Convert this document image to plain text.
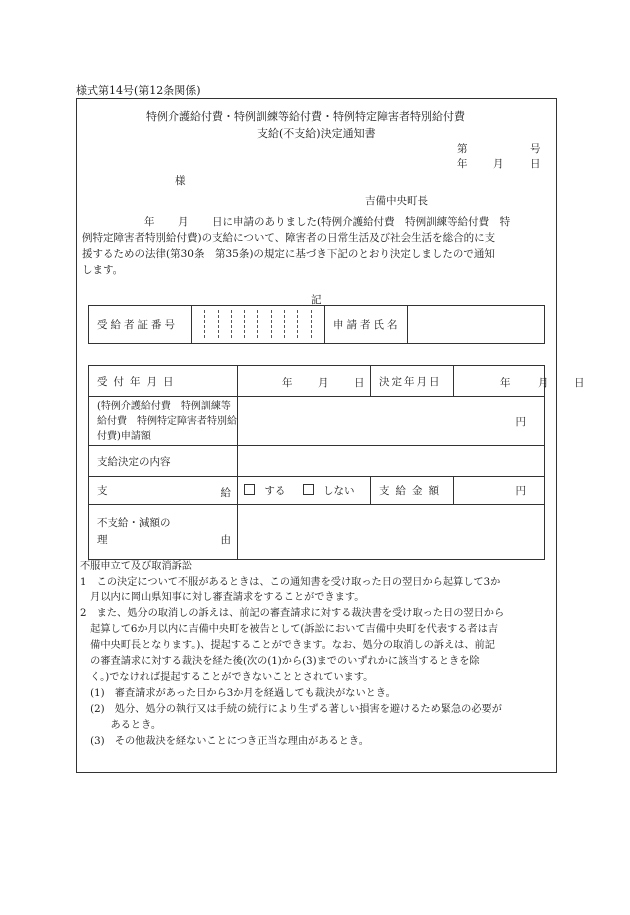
様式第14号(第12条関係)
特例介護給付費・特例訓練等給付費・特例特定障害者特別給付費
支給(不支給)決定通知書
第	号
年 月	日
様
吉備中央町長
年 月 日に申請のありました(特例介護給付費　特例訓練等給付費　特
例特定障害者特別給付費)の支給について、障害者の日常生活及び社会生活を総合的に支
援するための法律(第30条　第35条)の規定に基づき下記のとおり決定しましたので通知
します。
記
受給者証番号		申請者氏名	
受付年月日	年 月 日	決定年月日	年 月 日

(特例介護給付費　特例訓練等
給付費　特例特定障害者特別給
付費)申請額	円		
支給決定の内容			
支 給	する しない	支給金額	円

不支給・減額の
理 由			

不服申立て及び取消訴訟
1　この決定について不服があるときは、この通知書を受け取った日の翌日から起算して3か
　月以内に岡山県知事に対し審査請求をすることができます。
2　また、処分の取消しの訴えは、前記の審査請求に対する裁決書を受け取った日の翌日から
　起算して6か月以内に吉備中央町を被告として(訴訟において吉備中央町を代表する者は吉
　備中央町長となります。)、提起することができます。なお、処分の取消しの訴えは、前記
　の審査請求に対する裁決を経た後(次の(1)から(3)までのいずれかに該当するときを除
　く。)でなければ提起することができないこととされています。
　(1)　審査請求があった日から3か月を経過しても裁決がないとき。
　(2)　処分、処分の執行又は手続の続行により生ずる著しい損害を避けるため緊急の必要が
　　　あるとき。
　(3)　その他裁決を経ないことにつき正当な理由があるとき。
